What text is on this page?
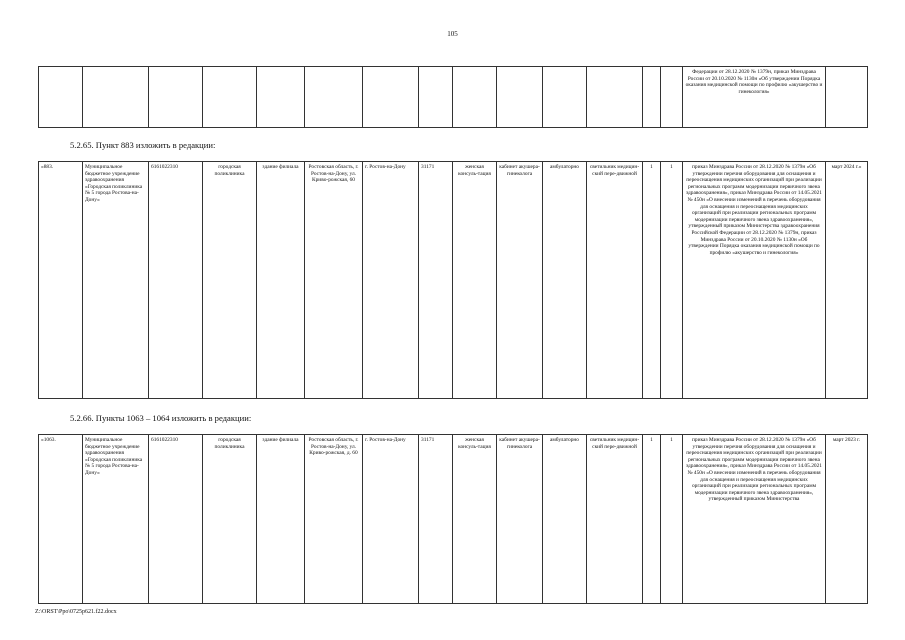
105
														Федерации от 28.12.2020 № 1379н, приказ Минздрава России от 20.10.2020 № 1130н «Об утверждении Порядка оказания медицинской помощи по профилю «акушерство и гинекология»	
5.2.65. Пункт 883 изложить в редакции:
«883.	Муниципальное бюджетное учреждение здравоохранения «Городская поликлиника № 5 города Ростова-на-Дону»	6161022310	городская поликлиника	здание филиала	Ростовская область, г. Ростов-на-Дону, ул. Криво-рожская, 60	г. Ростов-на-Дону	31171	женская консуль-тация	кабинет акушера-гинеколога	амбулаторно	светильник медицин-ский пере-движной	1	1	приказ Минздрава России от 28.12.2020 № 1379н «Об утверждении перечня оборудования для оснащения и переоснащения медицинских организаций при реализации региональных программ модернизации первичного звена здравоохранения», приказ Минздрава России от 14.05.2021 № 450н «О внесении изменений в перечень оборудования для оснащения и переоснащения медицинских организаций при реализации региональных программ модернизации первичного звена здравоохранения», утвержденный приказом Министерства здравоохранения Российской Федерации от 28.12.2020 № 1379н, приказ Минздрава России от 20.10.2020 № 1130н «Об утверждении Порядка оказания медицинской помощи по профилю «акушерство и гинекология»	март 2024 г.»
5.2.66. Пункты 1063 – 1064 изложить в редакции:
«1063.	Муниципальное бюджетное учреждение здравоохранения «Городская поликлиника № 5 города Ростова-на-Дону»	6161022310	городская поликлиника	здание филиала	Ростовская область, г. Ростов-на-Дону, ул. Криво-рожская, д. 60	г. Ростов-на-Дону	31171	женская консуль-тация	кабинет акушера-гинеколога	амбулаторно	светильник медицин-ский пере-движной	1	1	приказ Минздрава России от 28.12.2020 № 1379н «Об утверждении перечня оборудования для оснащения и переоснащения медицинских организаций при реализации региональных программ модернизации первичного звена здравоохранения», приказ Минздрава России от 14.05.2021 № 450н «О внесении изменений в перечень оборудования для оснащения и переоснащения медицинских организаций при реализации региональных программ модернизации первичного звена здравоохранения», утвержденный приказом Министерства	март 2023 г.
Z:\ORST\Ppo\0725p621.f22.docx
